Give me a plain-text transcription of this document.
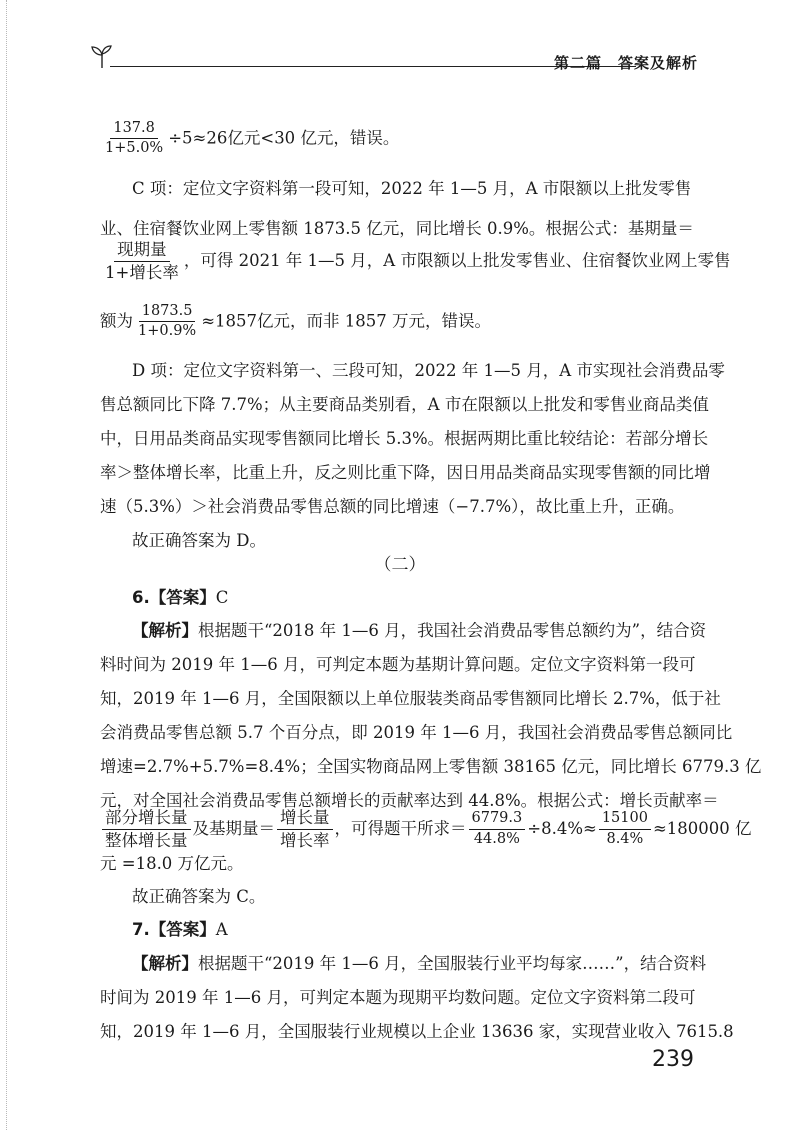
第二篇　答案及解析
$\frac{137.8}{1+5.0\%} \div 5\approx 26$亿元<30 亿元，错误。
C 项：定位文字资料第一段可知，2022 年 1—5 月，A 市限额以上批发零售
业、住宿餐饮业网上零售额 1873.5 亿元，同比增长 0.9%。根据公式：基期量＝
$\frac{\text{现期量}}{\text{1+增长率}}$ ，可得 2021 年 1—5 月，A 市限额以上批发零售业、住宿餐饮业网上零售
额为 $\frac{1873.5}{1+0.9\%} \approx 1857$亿元，而非 1857 万元，错误。
D 项：定位文字资料第一、三段可知，2022 年 1—5 月，A 市实现社会消费品零
售总额同比下降 7.7%；从主要商品类别看，A 市在限额以上批发和零售业商品类值
中，日用品类商品实现零售额同比增长 5.3%。根据两期比重比较结论：若部分增长
率＞整体增长率，比重上升，反之则比重下降，因日用品类商品实现零售额的同比增
速（5.3%）＞社会消费品零售总额的同比增速（−7.7%），故比重上升，正确。
故正确答案为 D。
（二）
6.【答案】C
【解析】根据题干“2018 年 1—6 月，我国社会消费品零售总额约为”，结合资
料时间为 2019 年 1—6 月，可判定本题为基期计算问题。定位文字资料第一段可
知，2019 年 1—6 月，全国限额以上单位服装类商品零售额同比增长 2.7%，低于社
会消费品零售总额 5.7 个百分点，即 2019 年 1—6 月，我国社会消费品零售总额同比
增速=2.7%+5.7%=8.4%；全国实物商品网上零售额 38165 亿元，同比增长 6779.3 亿
元，对全国社会消费品零售总额增长的贡献率达到 44.8%。根据公式：增长贡献率＝
$\frac{\text{部分增长量}}{\text{整体增长量}}$ 及基期量＝ $\frac{\text{增长量}}{\text{增长率}}$ ，可得题干所求＝ $\frac{6779.3}{44.8\%} \div 8.4\%\approx \frac{15100}{8.4\%} \approx 180000$ 亿
元 =18.0 万亿元。
故正确答案为 C。
7.【答案】A
【解析】根据题干“2019 年 1—6 月，全国服装行业平均每家……”，结合资料
时间为 2019 年 1—6 月，可判定本题为现期平均数问题。定位文字资料第二段可
知，2019 年 1—6 月，全国服装行业规模以上企业 13636 家，实现营业收入 7615.8
239
